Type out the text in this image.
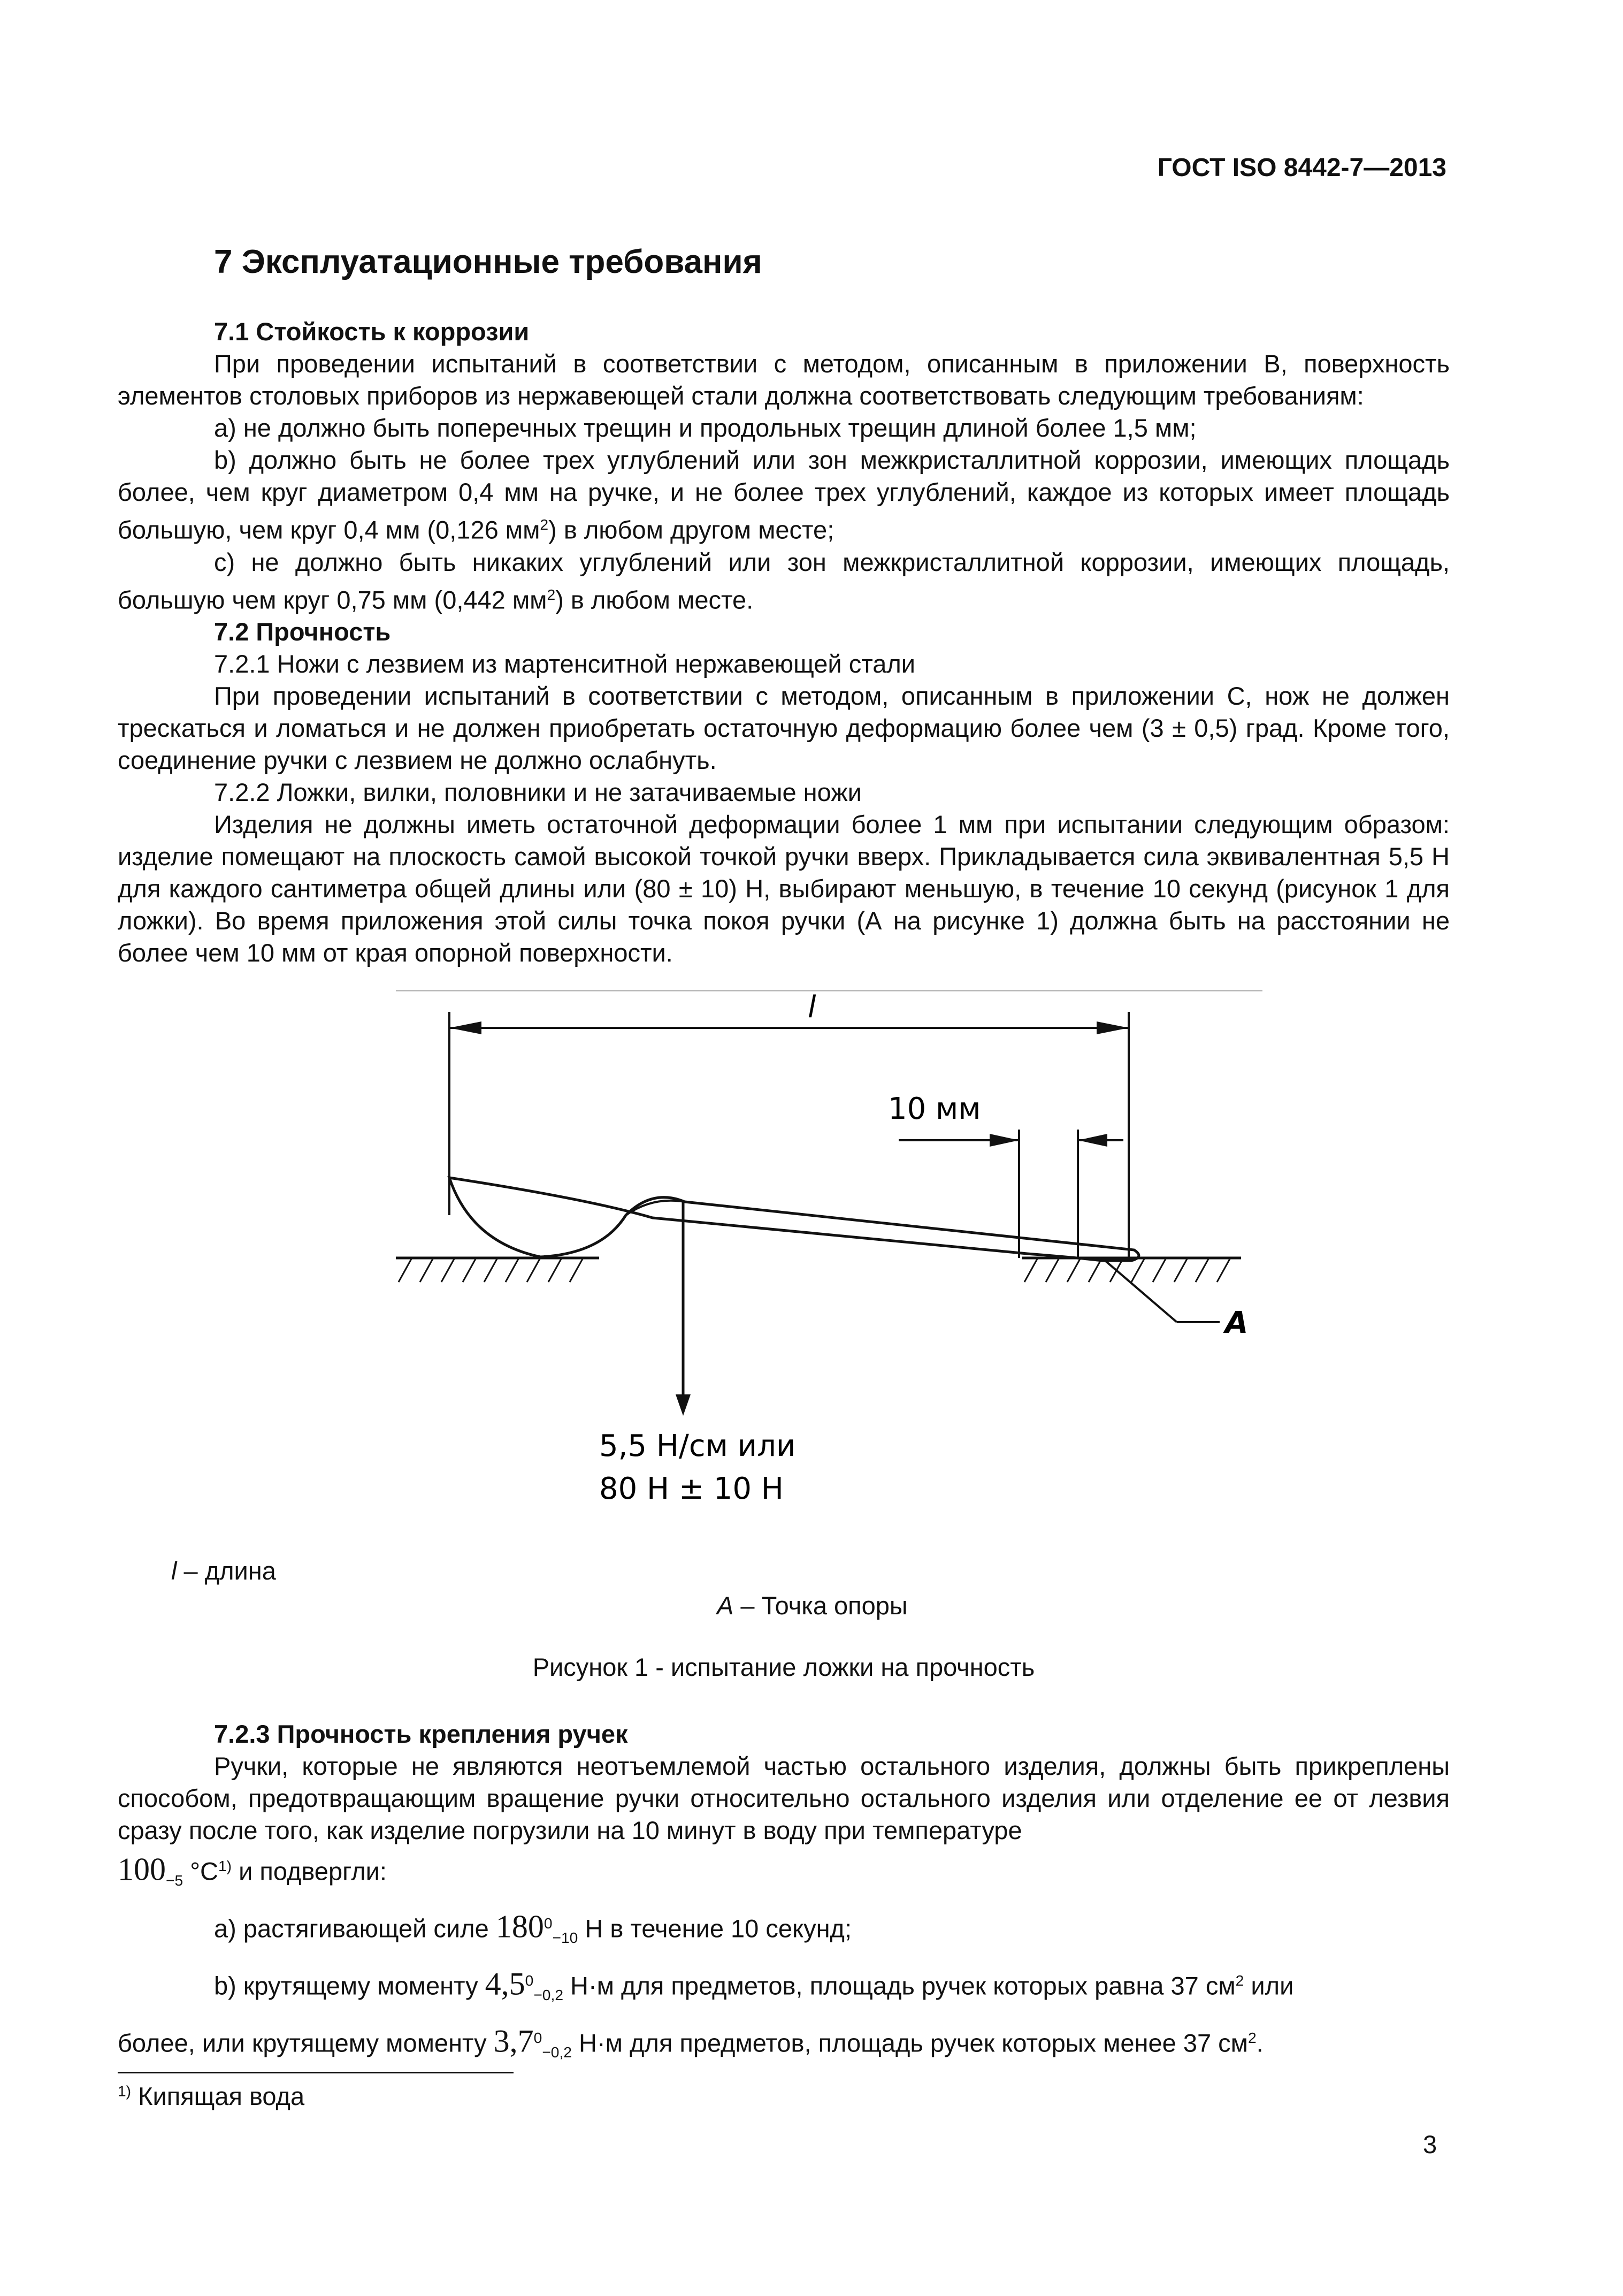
ГОСТ ISO 8442-7—2013

7 Эксплуатационные требования

7.1 Стойкость к коррозии

При проведении испытаний в соответствии с методом, описанным в приложении В, поверхность элементов столовых приборов из нержавеющей стали должна соответствовать следующим требованиям:

а) не должно быть поперечных трещин и продольных трещин длиной более 1,5 мм;

b) должно быть не более трех углублений или зон межкристаллитной коррозии, имеющих площадь более, чем круг диаметром 0,4 мм на ручке, и не более трех углублений, каждое из которых имеет площадь большую, чем круг 0,4 мм (0,126 $мм^2$) в любом другом месте;

c) не должно быть никаких углублений или зон межкристаллитной коррозии, имеющих площадь, большую чем круг 0,75 мм (0,442 $мм^2$) в любом месте.

7.2 Прочность

7.2.1 Ножи с лезвием из мартенситной нержавеющей стали

При проведении испытаний в соответствии с методом, описанным в приложении С, нож не должен трескаться и ломаться и не должен приобретать остаточную деформацию более чем (3 ± 0,5) град. Кроме того, соединение ручки с лезвием не должно ослабнуть.

7.2.2 Ложки, вилки, половники и не затачиваемые ножи

Изделия не должны иметь остаточной деформации более 1 мм при испытании следующим образом: изделие помещают на плоскость самой высокой точкой ручки вверх. Прикладывается сила эквивалентная 5,5 Н для каждого сантиметра общей длины или (80 ± 10) Н, выбирают меньшую, в течение 10 секунд (рисунок 1 для ложки). Во время приложения этой силы точка покоя ручки (А на рисунке 1) должна быть на расстоянии не более чем 10 мм от края опорной поверхности.

l
10 мм
5,5 Н/см или
80 Н ± 10 Н
A
l – длина
A – Точка опоры
Рисунок 1 - испытание ложки на прочность

7.2.3 Прочность крепления ручек

Ручки, которые не являются неотъемлемой частью остального изделия, должны быть прикреплены способом, предотвращающим вращение ручки относительно остального изделия или отделение ее от лезвия сразу после того, как изделие погрузили на 10 минут в воду при температуре

$100_{-5}$ $^\circ С^{1)}$ и подвергли:

а) растягивающей силе $180^0_{-10}$ Н в течение 10 секунд;

b) крутящему моменту $4,5^0_{-0,2}$ Н·м для предметов, площадь ручек которых равна 37 $см^2$ или

более, или крутящему моменту $3,7^0_{-0,2}$ Н·м для предметов, площадь ручек которых менее 37 $см^2$.

$^{1)}$ Кипящая вода
3
